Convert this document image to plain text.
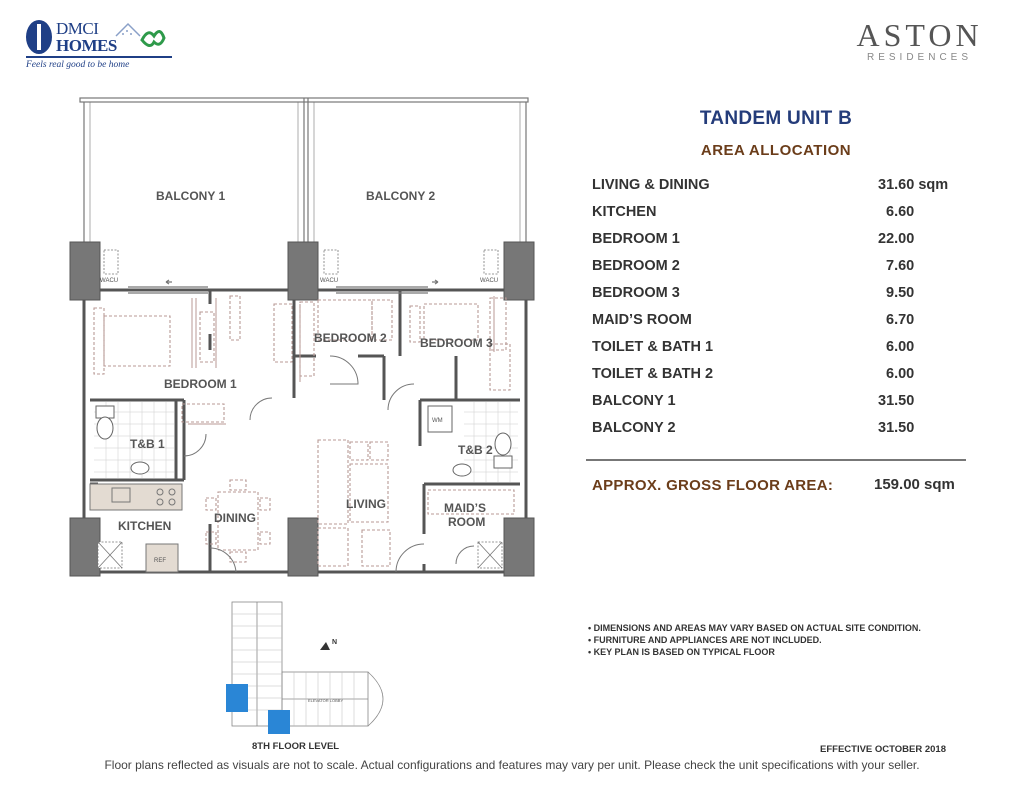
DMCI
HOMES
Feels real good to be home
ASTON
RESIDENCES
BALCONY 1	BALCONY 2
BEDROOM 1
BEDROOM 2	BEDROOM 3
T&B 1	T&B 2
KITCHEN
DINING
LIVING	MAID’S
ROOM
WACU	WACU	WACU
WM
REF
TANDEM UNIT B
AREA ALLOCATION
LIVING & DINING	31.60 sqm
KITCHEN	6.60
BEDROOM 1	22.00
BEDROOM 2	7.60
BEDROOM 3	9.50
MAID’S ROOM	6.70
TOILET & BATH 1	6.00
TOILET & BATH 2	6.00
BALCONY 1	31.50
BALCONY 2	31.50
APPROX. GROSS FLOOR AREA:	159.00 sqm
• DIMENSIONS AND AREAS MAY VARY BASED ON ACTUAL SITE CONDITION.
• FURNITURE AND APPLIANCES ARE NOT INCLUDED.
• KEY PLAN IS BASED ON TYPICAL FLOOR
ELEVATOR LOBBY
N
8TH FLOOR LEVEL	EFFECTIVE OCTOBER 2018
Floor plans reflected as visuals are not to scale. Actual configurations and features may vary per unit. Please check the unit specifications with your seller.
